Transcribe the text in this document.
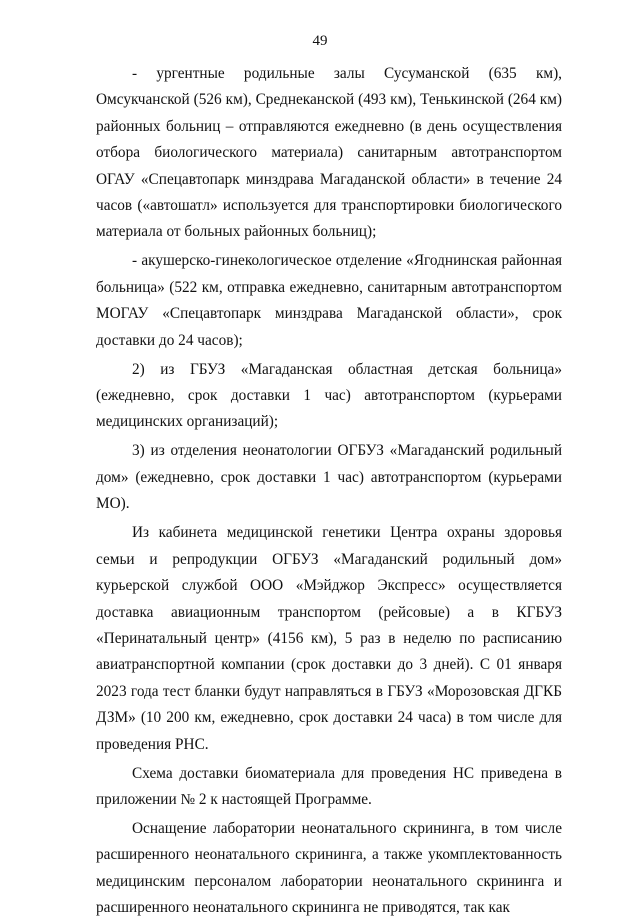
49

- ургентные родильные залы Сусуманской (635 км), Омсукчанской (526 км), Среднеканской (493 км), Тенькинской (264 км) районных больниц – отправляются ежедневно (в день осуществления отбора биологического материала) санитарным автотранспортом ОГАУ «Спецавтопарк минздрава Магаданской области» в течение 24 часов («автошатл» используется для транспортировки биологического материала от больных районных больниц);

- акушерско-гинекологическое отделение «Ягоднинская районная больница» (522 км, отправка ежедневно, санитарным автотранспортом МОГАУ «Спецавтопарк минздрава Магаданской области», срок доставки до 24 часов);

2) из ГБУЗ «Магаданская областная детская больница» (ежедневно, срок доставки 1 час) автотранспортом (курьерами медицинских организаций);

3) из отделения неонатологии ОГБУЗ «Магаданский родильный дом» (ежедневно, срок доставки 1 час) автотранспортом (курьерами МО).

Из кабинета медицинской генетики Центра охраны здоровья семьи и репродукции ОГБУЗ «Магаданский родильный дом» курьерской службой ООО «Мэйджор Экспресс» осуществляется доставка авиационным транспортом (рейсовые) а в КГБУЗ «Перинатальный центр» (4156 км), 5 раз в неделю по расписанию авиатранспортной компании (срок доставки до 3 дней). С 01 января 2023 года тест бланки будут направляться в ГБУЗ «Морозовская ДГКБ ДЗМ» (10 200 км, ежедневно, срок доставки 24 часа) в том числе для проведения РНС.

Схема доставки биоматериала для проведения НС приведена в приложении № 2 к настоящей Программе.

Оснащение лаборатории неонатального скрининга, в том числе расширенного неонатального скрининга, а также укомплектованность медицинским персоналом лаборатории неонатального скрининга и расширенного неонатального скрининга не приводятся, так как
